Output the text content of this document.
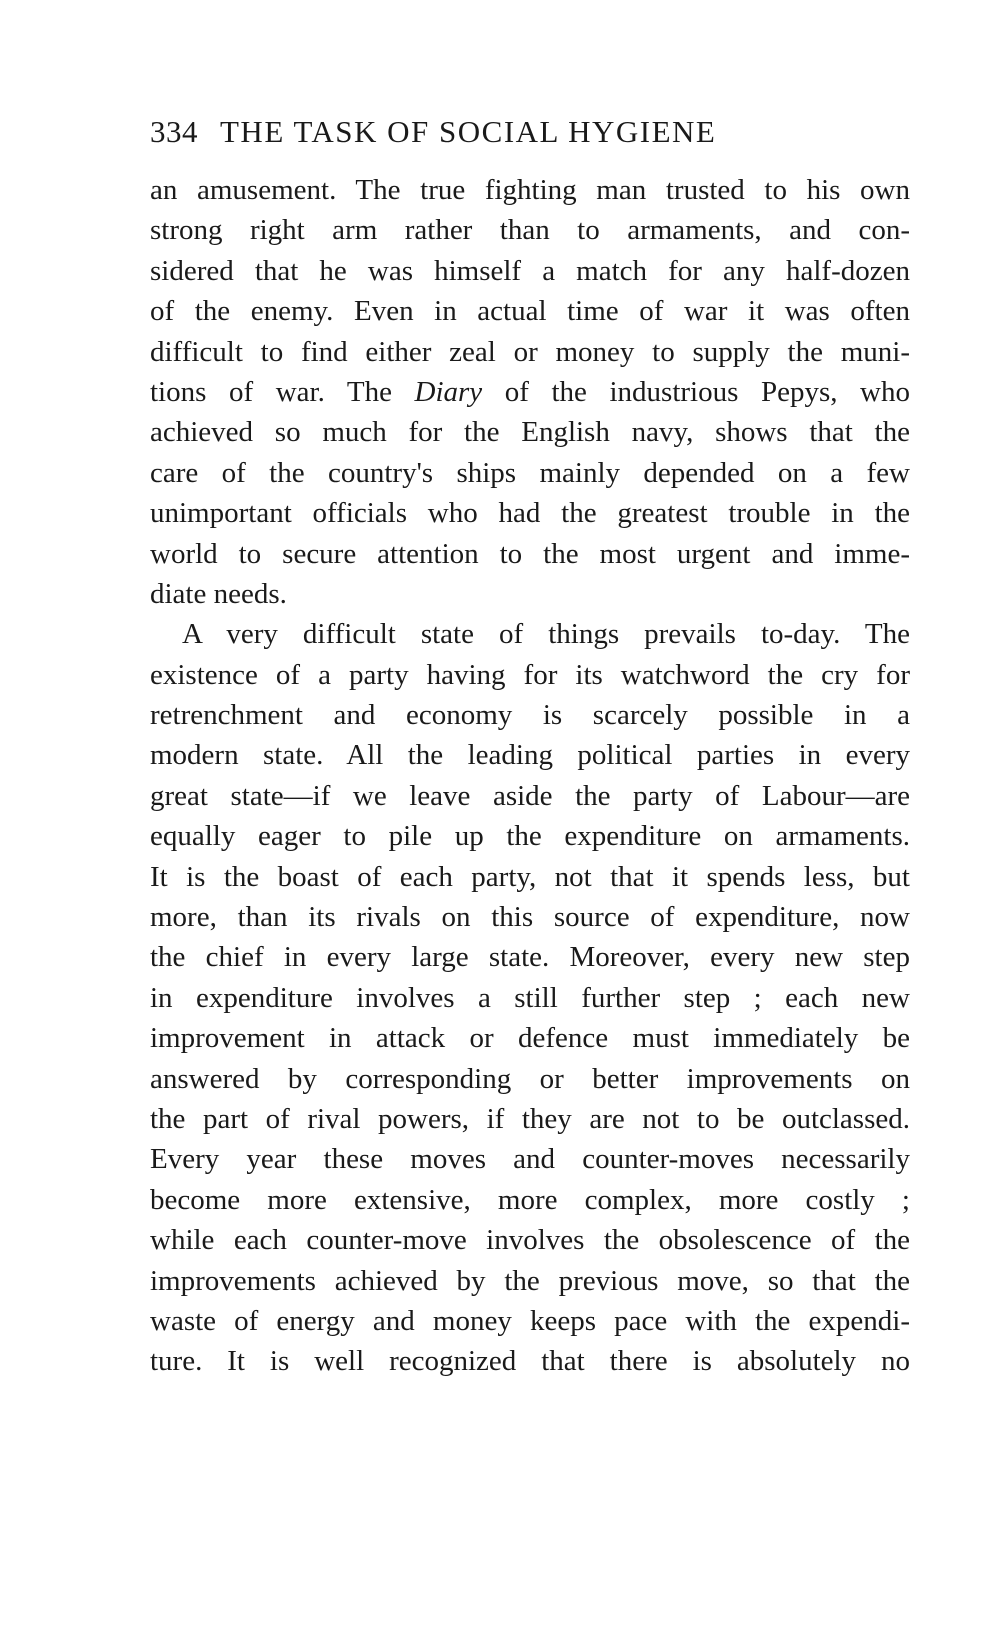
334 THE TASK OF SOCIAL HYGIENE
an amusement. The true fighting man trusted to his own
strong right arm rather than to armaments, and con-
sidered that he was himself a match for any half-dozen
of the enemy. Even in actual time of war it was often
difficult to find either zeal or money to supply the muni-
tions of war. The Diary of the industrious Pepys, who
achieved so much for the English navy, shows that the
care of the country's ships mainly depended on a few
unimportant officials who had the greatest trouble in the
world to secure attention to the most urgent and imme-
diate needs.
A very difficult state of things prevails to-day. The
existence of a party having for its watchword the cry for
retrenchment and economy is scarcely possible in a
modern state. All the leading political parties in every
great state—if we leave aside the party of Labour—are
equally eager to pile up the expenditure on armaments.
It is the boast of each party, not that it spends less, but
more, than its rivals on this source of expenditure, now
the chief in every large state. Moreover, every new step
in expenditure involves a still further step ; each new
improvement in attack or defence must immediately be
answered by corresponding or better improvements on
the part of rival powers, if they are not to be outclassed.
Every year these moves and counter-moves necessarily
become more extensive, more complex, more costly ;
while each counter-move involves the obsolescence of the
improvements achieved by the previous move, so that the
waste of energy and money keeps pace with the expendi-
ture. It is well recognized that there is absolutely no
